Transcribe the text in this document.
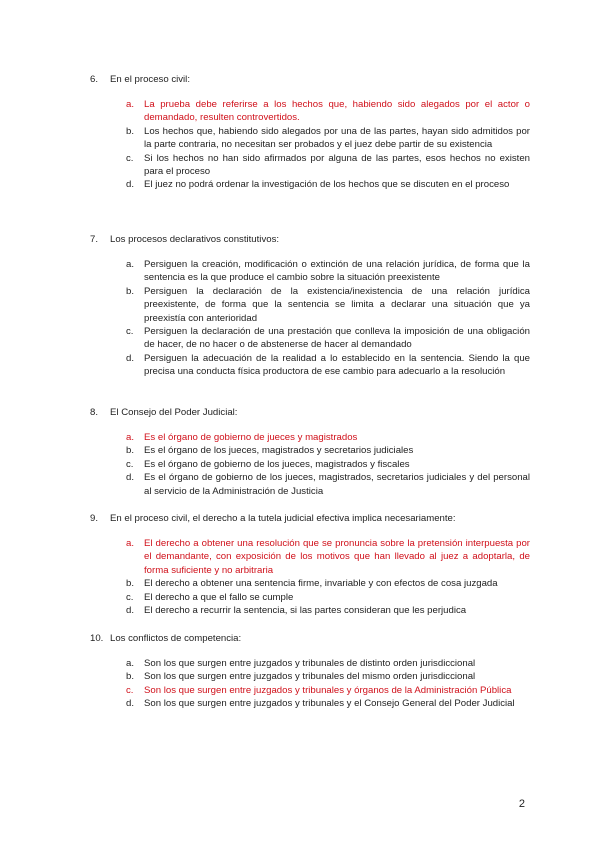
6.	En el proceso civil:
a.	La prueba debe referirse a los hechos que, habiendo sido alegados por el actor o demandado, resulten controvertidos.
b.	Los hechos que, habiendo sido alegados por una de las partes, hayan sido admitidos por la parte contraria, no necesitan ser probados y el juez debe partir de su existencia
c.	Si los hechos no han sido afirmados por alguna de las partes, esos hechos no existen para el proceso
d.	El juez no podrá ordenar la investigación de los hechos que se discuten en el proceso
7.	Los procesos declarativos constitutivos:
a.	Persiguen la creación, modificación o extinción de una relación jurídica, de forma que la sentencia es la que produce el cambio sobre la situación preexistente
b.	Persiguen la declaración de la existencia/inexistencia de una relación jurídica preexistente, de forma que la sentencia se limita a declarar una situación que ya preexistía con anterioridad
c.	Persiguen la declaración de una prestación que conlleva la imposición de una obligación de hacer, de no hacer o de abstenerse de hacer al demandado
d.	Persiguen la adecuación de la realidad a lo establecido en la sentencia. Siendo la que precisa una conducta física productora de ese cambio para adecuarlo a la resolución
8.	El Consejo del Poder Judicial:
a.	Es el órgano de gobierno de jueces y magistrados
b.	Es el órgano de los jueces, magistrados y secretarios judiciales
c.	Es el órgano de gobierno de los jueces, magistrados y fiscales
d.	Es el órgano de gobierno de los jueces, magistrados, secretarios judiciales y del personal al servicio de la Administración de Justicia
9.	En el proceso civil, el derecho a la tutela judicial efectiva implica necesariamente:
a.	El derecho a obtener una resolución que se pronuncia sobre la pretensión interpuesta por el demandante, con exposición de los motivos que han llevado al juez a adoptarla, de forma suficiente y no arbitraria
b.	El derecho a obtener una sentencia firme, invariable y con efectos de cosa juzgada
c.	El derecho a que el fallo se cumple
d.	El derecho a recurrir la sentencia, si las partes consideran que les perjudica
10. Los conflictos de competencia:
a.	Son los que surgen entre juzgados y tribunales de distinto orden jurisdiccional
b.	Son los que surgen entre juzgados y tribunales del mismo orden jurisdiccional
c.	Son los que surgen entre juzgados y tribunales y órganos de la Administración Pública
d.	Son los que surgen entre juzgados y tribunales y el Consejo General del Poder Judicial
2
